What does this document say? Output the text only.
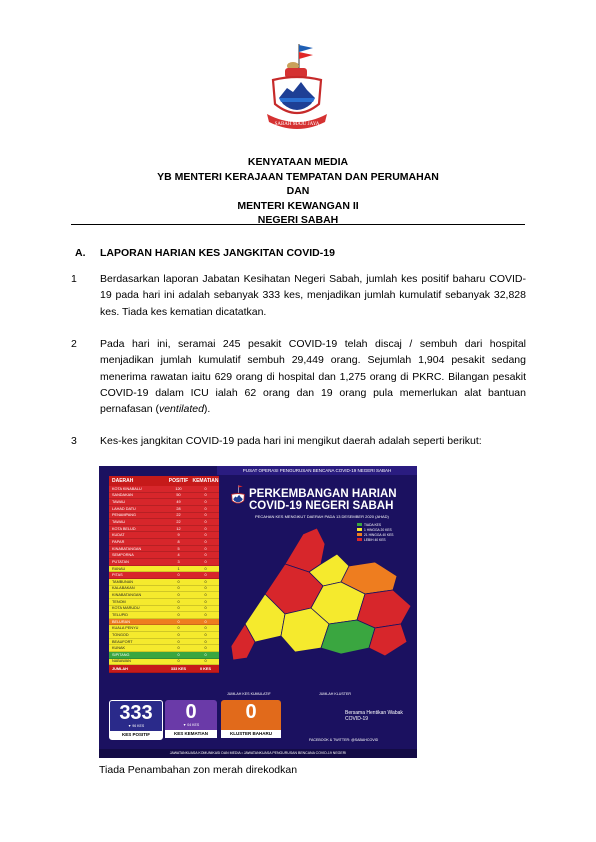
SABAH MAJU JAYA
KENYATAAN MEDIA
YB MENTERI KERAJAAN TEMPATAN DAN PERUMAHAN
DAN
MENTERI KEWANGAN II
NEGERI SABAH
A. LAPORAN HARIAN KES JANGKITAN COVID-19
1	Berdasarkan laporan Jabatan Kesihatan Negeri Sabah, jumlah kes positif baharu COVID-19 pada hari ini adalah sebanyak 333 kes, menjadikan jumlah kumulatif sebanyak 32,828 kes. Tiada kes kematian dicatatkan.
2	Pada hari ini, seramai 245 pesakit COVID-19 telah discaj / sembuh dari hospital menjadikan jumlah kumulatif sembuh 29,449 orang. Sejumlah 1,904 pesakit sedang menerima rawatan iaitu 629 orang di hospital dan 1,275 orang di PKRC. Bilangan pesakit COVID-19 dalam ICU ialah 62 orang dan 19 orang pula memerlukan alat bantuan pernafasan (ventilated).
3	Kes-kes jangkitan COVID-19 pada hari ini mengikut daerah adalah seperti berikut:
PUSAT OPERASI PENGURUSAN BENCANA COVID-19 NEGERI SABAH
DAERAH	POSITIF KEMATIAN
KOTA KINABALU	120	0
SANDAKAN	50	0
TAWAU	49	0
LAHAD DATU	28	0
PENAMPANG	22	0
TAWAU	22	0
KOTA BELUD	12	0
KUDAT	9	0
PAPAR	8	0
KINABATANGAN	5	0
SEMPORNA	4	0
PUTATAN	3	0
RANAU	1	0
PITAS	0	0
TAMBUNAN	0	0
KALABAKAN	0	0
KINABATANGAN	0	0
TENOM	0	0
KOTA MARUDU	0	0
TELUPID	0	0
BELURAN	0	0
KUALA PENYU	0	0
TONGOD	0	0
BEAUFORT	0	0
KUNAK	0	0
SIPITANG	0	0
NABAWAN	0	0
JUMLAH	333 KES	0 KES
PERKEMBANGAN HARIAN
COVID-19 NEGERI SABAH
PECAHAN KES MENGIKUT DAERAH PADA 13 DESEMBER 2020 (AHAD)
TIADA KES
1 HINGGA 20 KES
21 HINGGA 40 KES
LEBIH 40 KES
JUMLAH KES KUMULATIF	JUMLAH KLUSTER
333
▼ 96 KES
KES POSITIF
0
▼ 04 KES
KES KEMATIAN
0
KLUSTER BAHARU
Bersama Hentikan Wabak COVID-19
FACEBOOK & TWITTER: @SABAHCOVID
JAWATANKUASA KOMUNIKASI DAN MEDIA • JAWATANKUASA PENGURUSAN BENCANA COVID-19 NEGERI
Tiada Penambahan zon merah direkodkan
